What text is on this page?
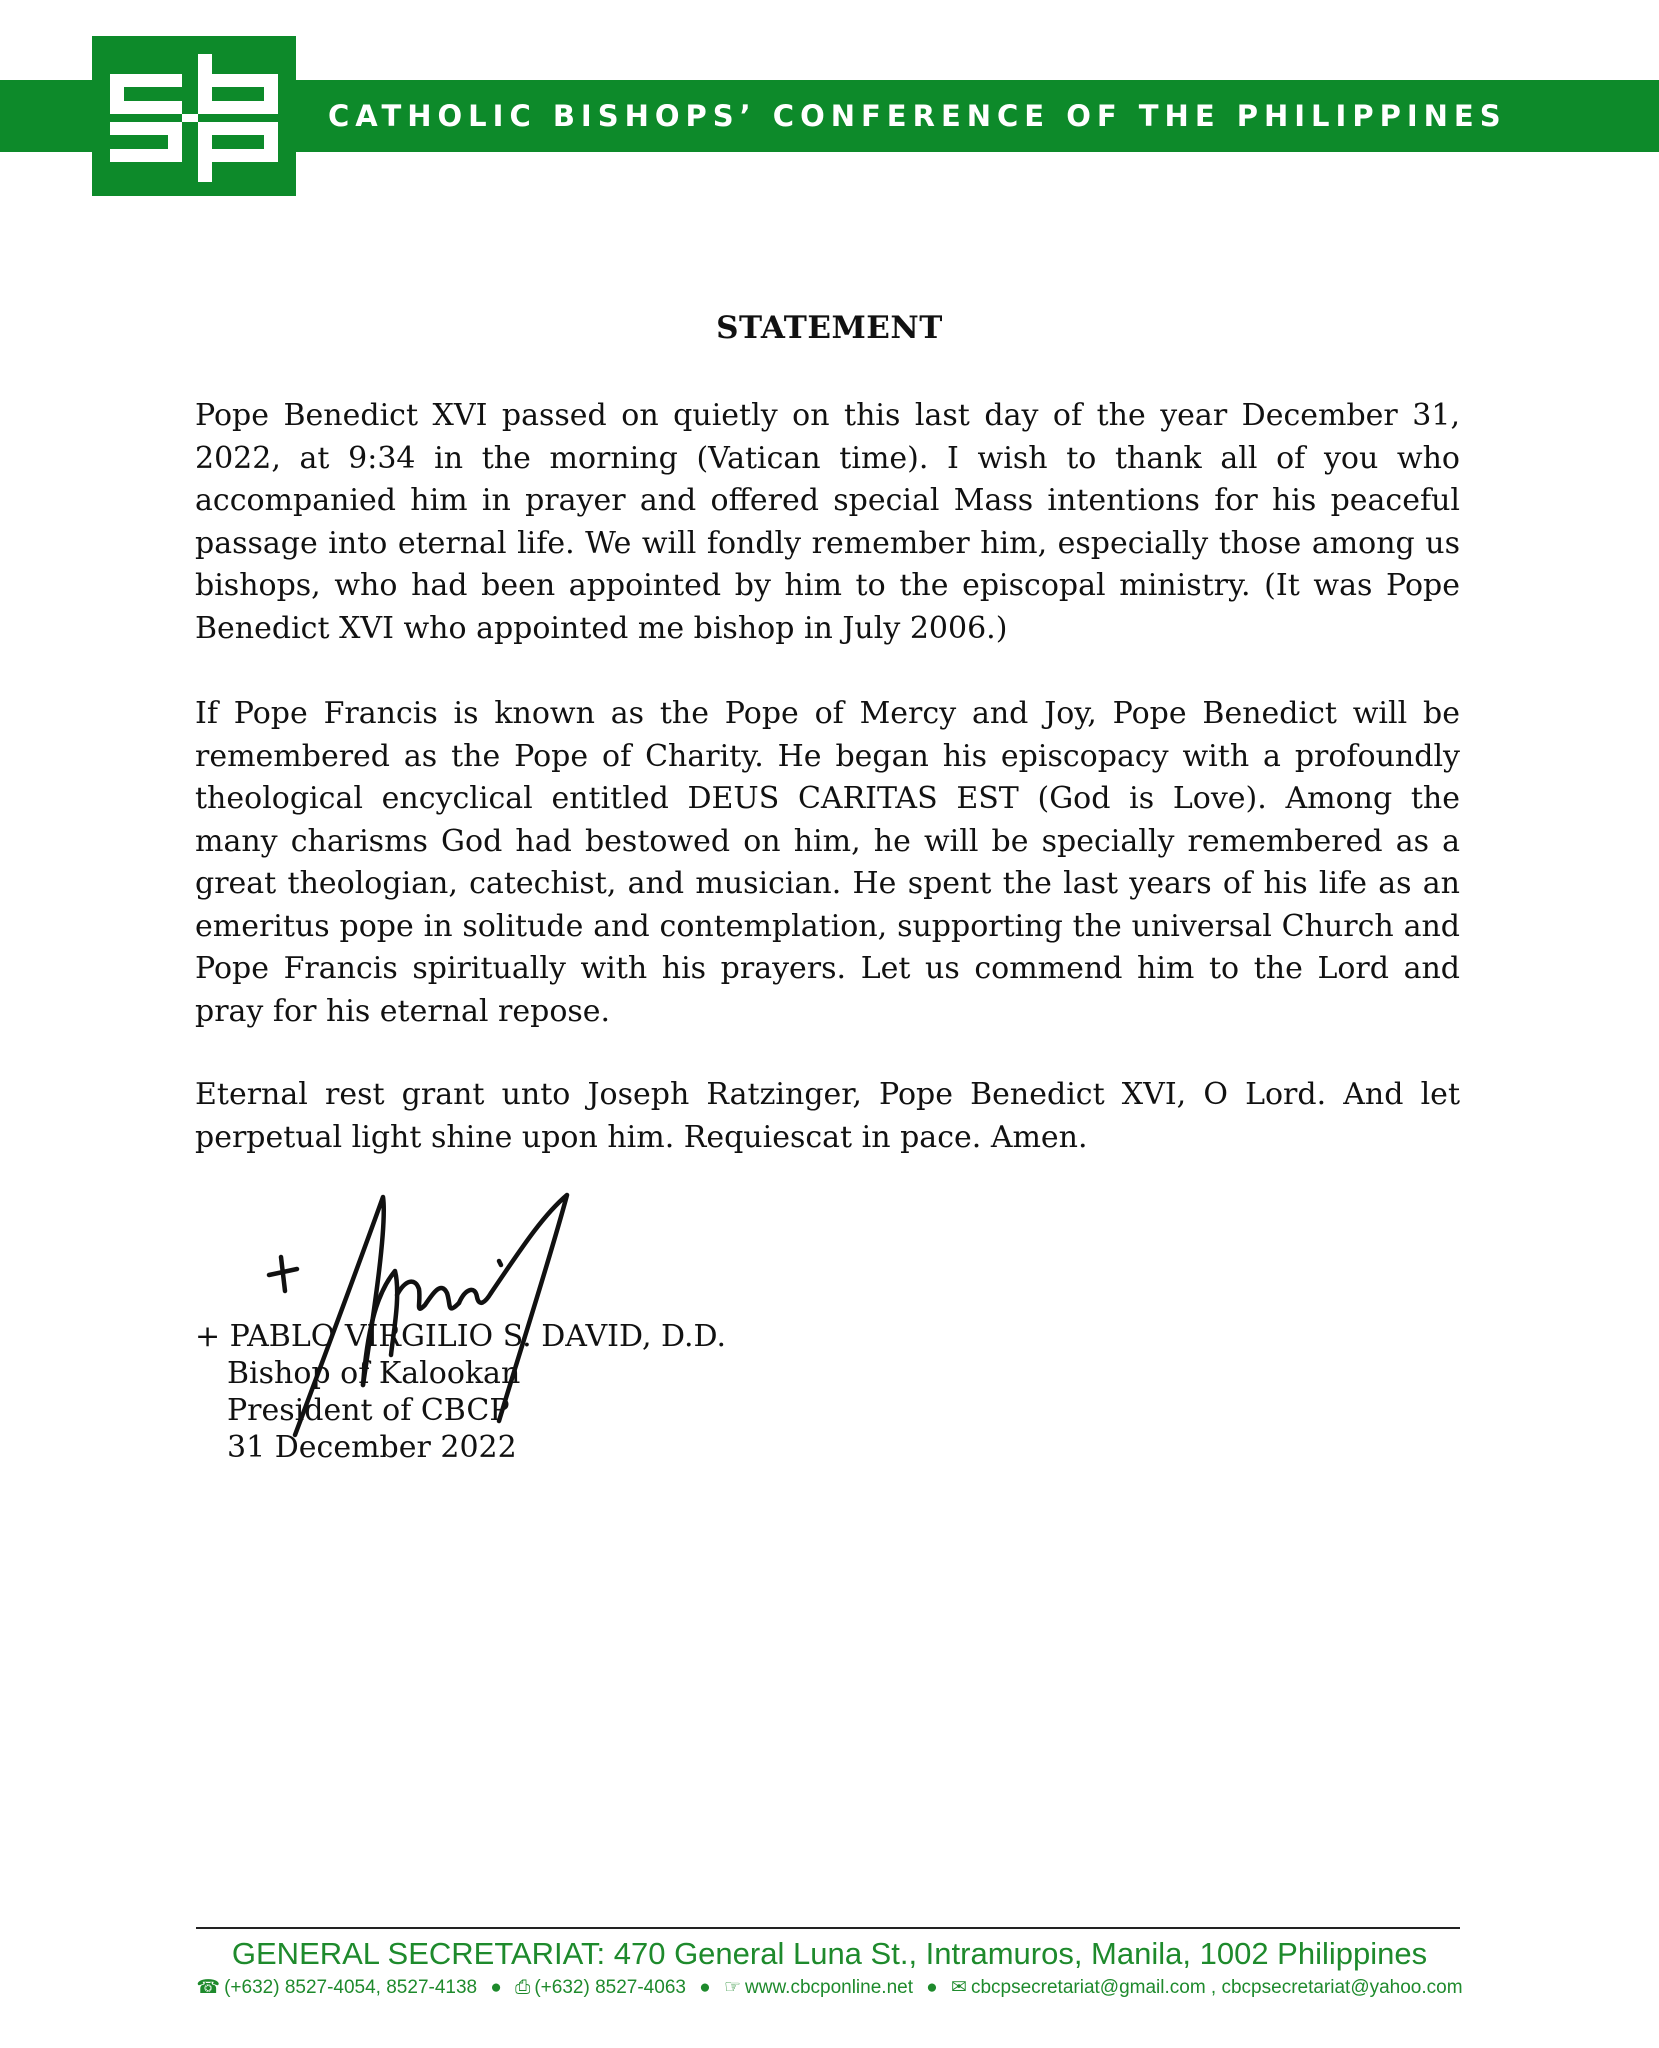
CATHOLIC BISHOPS’ CONFERENCE OF THE PHILIPPINES
STATEMENT

Pope Benedict XVI passed on quietly on this last day of the year December 31, 2022, at 9:34 in the morning (Vatican time). I wish to thank all of you who accompanied him in prayer and offered special Mass intentions for his peaceful passage into eternal life. We will fondly remember him, especially those among us bishops, who had been appointed by him to the episcopal ministry. (It was Pope Benedict XVI who appointed me bishop in July 2006.)

If Pope Francis is known as the Pope of Mercy and Joy, Pope Benedict will be remembered as the Pope of Charity. He began his episcopacy with a profoundly theological encyclical entitled DEUS CARITAS EST (God is Love). Among the many charisms God had bestowed on him, he will be specially remembered as a great theologian, catechist, and musician. He spent the last years of his life as an emeritus pope in solitude and contemplation, supporting the universal Church and Pope Francis spiritually with his prayers. Let us commend him to the Lord and pray for his eternal repose.

Eternal rest grant unto Joseph Ratzinger, Pope Benedict XVI, O Lord. And let perpetual light shine upon him. Requiescat in pace. Amen.

+ PABLO VIRGILIO S. DAVID, D.D.
Bishop of Kalookan
President of CBCP
31 December 2022
GENERAL SECRETARIAT: 470 General Luna St., Intramuros, Manila, 1002 Philippines
☎ (+632) 8527-4054, 8527-4138 ● ⎙ (+632) 8527-4063 ● ☞ www.cbcponline.net ● ✉ cbcpsecretariat@gmail.com , cbcpsecretariat@yahoo.com
